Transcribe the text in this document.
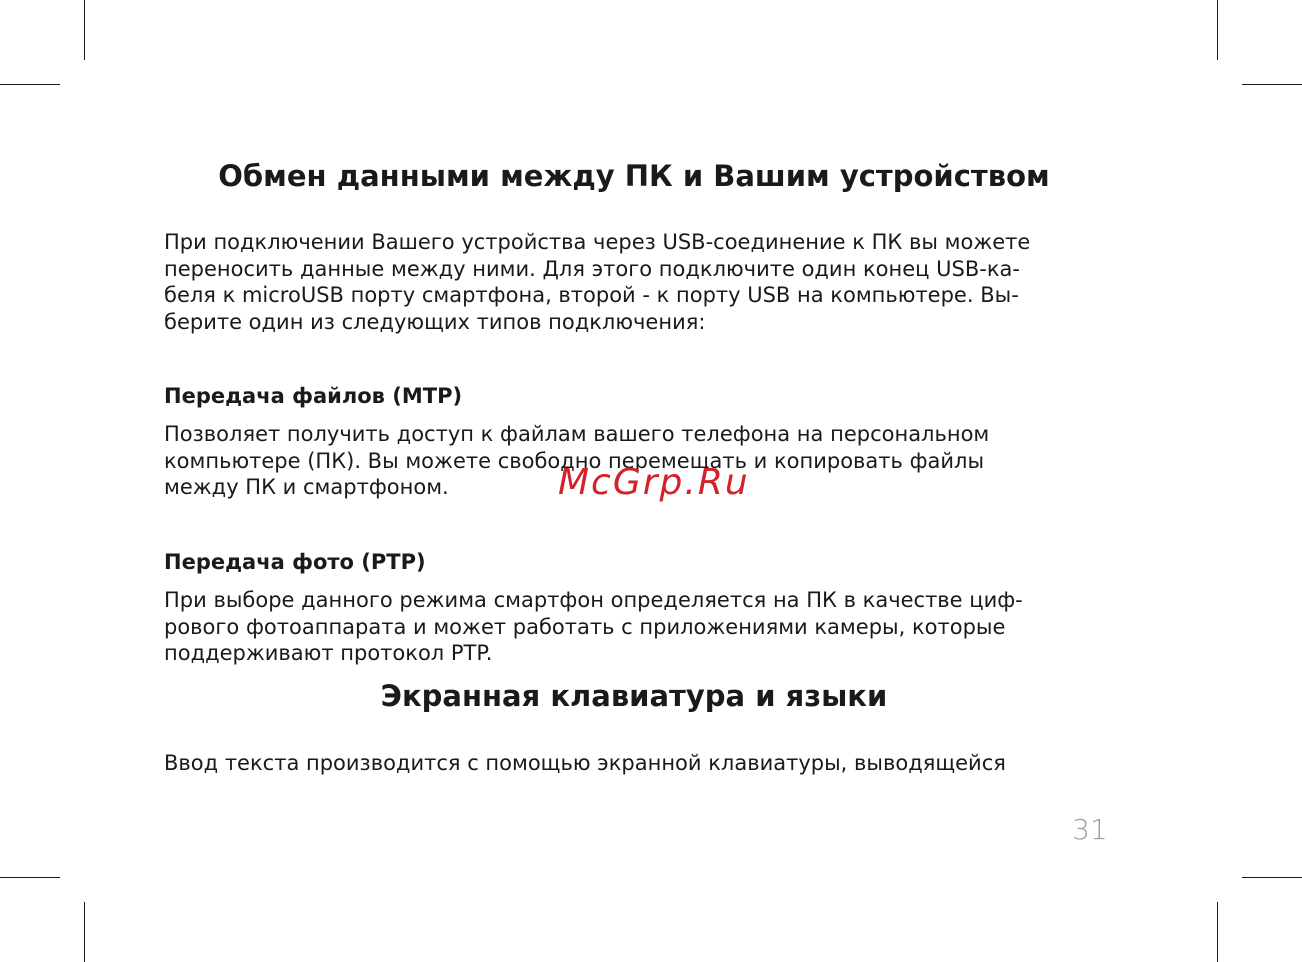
Обмен данными между ПК и Вашим устройством

При подключении Вашего устройства через USB-соединение к ПК вы можете
переносить данные между ними. Для этого подключите один конец USB-ка-
беля к microUSB порту смартфона, второй - к порту USB на компьютере. Вы-
берите один из следующих типов подключения:

Передача файлов (MTP)

Позволяет получить доступ к файлам вашего телефона на персональном
компьютере (ПК). Вы можете свободно перемещать и копировать файлы
между ПК и смартфоном.	McGrp.Ru
Передача фото (PTP)

При выборе данного режима смартфон определяется на ПК в качестве циф-
рового фотоаппарата и может работать с приложениями камеры, которые
поддерживают протокол PTP.

Экранная клавиатура и языки

Ввод текста производится с помощью экранной клавиатуры, выводящейся

31
